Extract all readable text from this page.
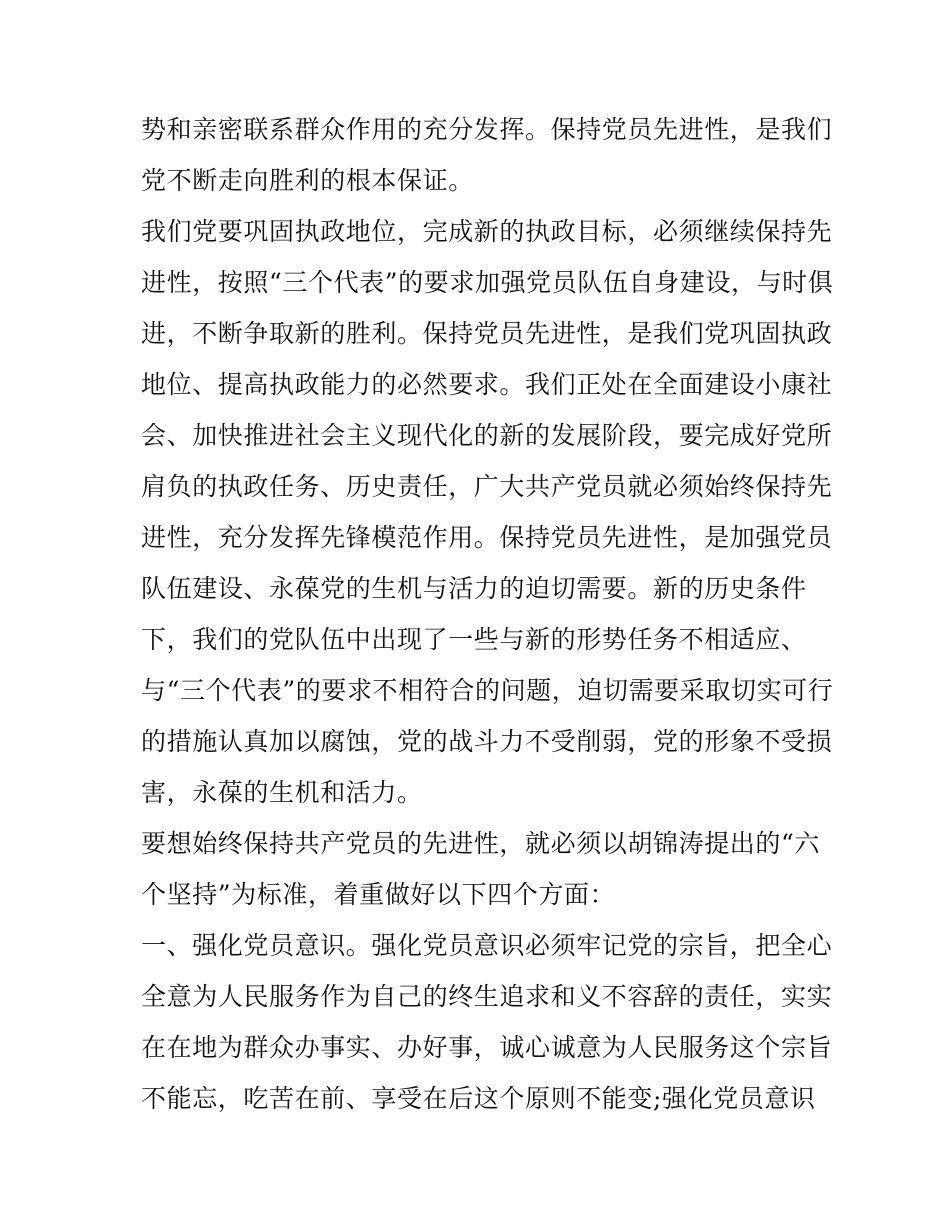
势和亲密联系群众作用的充分发挥。保持党员先进性，是我们
党不断走向胜利的根本保证。
我们党要巩固执政地位，完成新的执政目标，必须继续保持先
进性，按照“三个代表”的要求加强党员队伍自身建设，与时俱
进，不断争取新的胜利。保持党员先进性，是我们党巩固执政
地位、提高执政能力的必然要求。我们正处在全面建设小康社
会、加快推进社会主义现代化的新的发展阶段，要完成好党所
肩负的执政任务、历史责任，广大共产党员就必须始终保持先
进性，充分发挥先锋模范作用。保持党员先进性，是加强党员
队伍建设、永葆党的生机与活力的迫切需要。新的历史条件
下，我们的党队伍中出现了一些与新的形势任务不相适应、
与“三个代表”的要求不相符合的问题，迫切需要采取切实可行
的措施认真加以腐蚀，党的战斗力不受削弱，党的形象不受损
害，永葆的生机和活力。
要想始终保持共产党员的先进性，就必须以胡锦涛提出的“六
个坚持”为标准，着重做好以下四个方面：
一、强化党员意识。强化党员意识必须牢记党的宗旨，把全心
全意为人民服务作为自己的终生追求和义不容辞的责任，实实
在在地为群众办事实、办好事，诚心诚意为人民服务这个宗旨
不能忘，吃苦在前、享受在后这个原则不能变;强化党员意识
